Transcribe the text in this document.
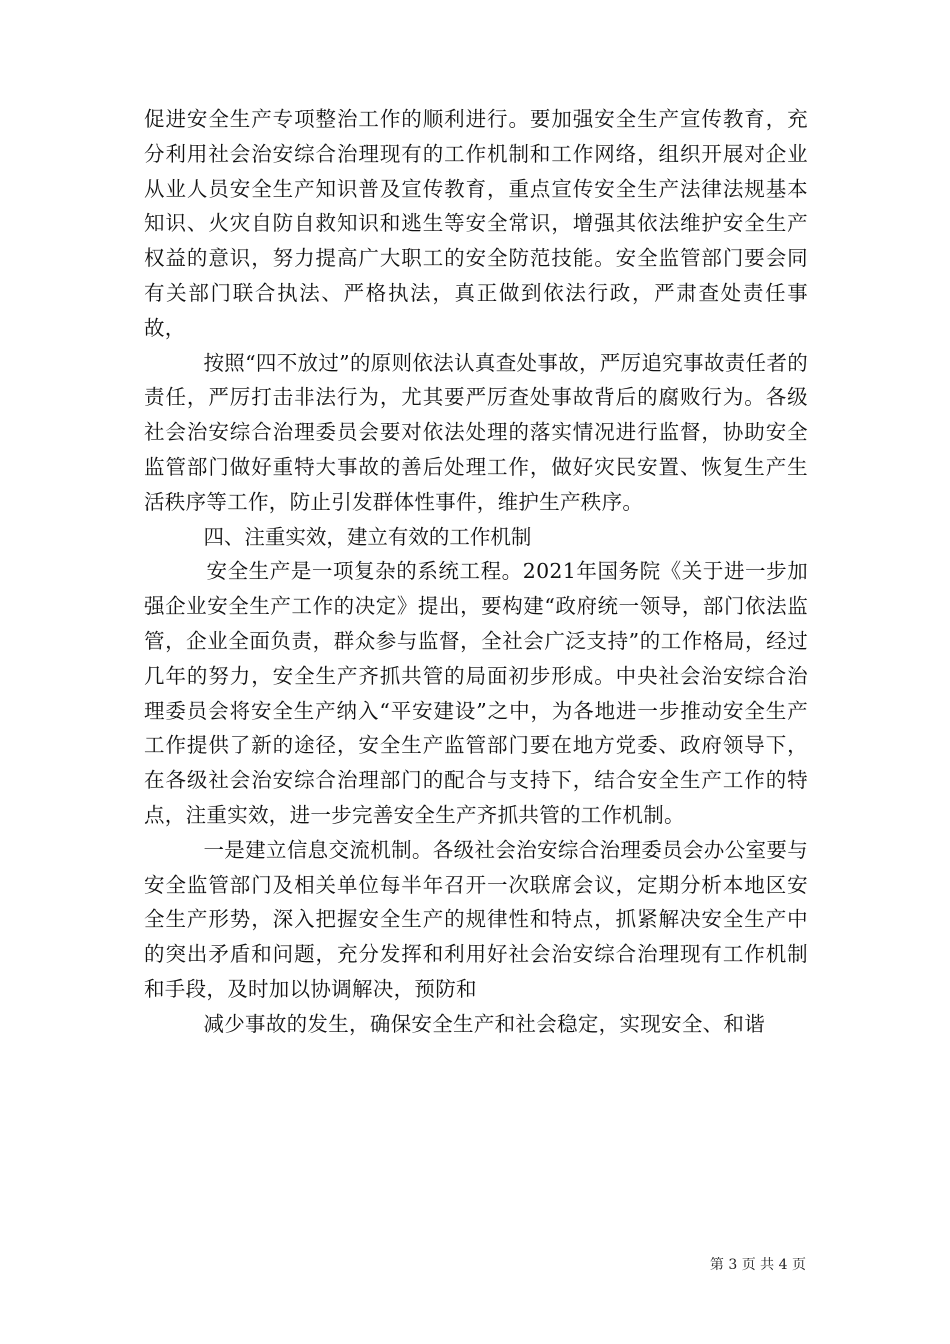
促进安全生产专项整治工作的顺利进行。要加强安全生产宣传教育，充分利用社会治安综合治理现有的工作机制和工作网络，组织开展对企业从业人员安全生产知识普及宣传教育，重点宣传安全生产法律法规基本知识、火灾自防自救知识和逃生等安全常识，增强其依法维护安全生产权益的意识，努力提高广大职工的安全防范技能。安全监管部门要会同有关部门联合执法、严格执法，真正做到依法行政，严肃查处责任事故，

按照“四不放过”的原则依法认真查处事故，严厉追究事故责任者的责任，严厉打击非法行为，尤其要严厉查处事故背后的腐败行为。各级社会治安综合治理委员会要对依法处理的落实情况进行监督，协助安全监管部门做好重特大事故的善后处理工作，做好灾民安置、恢复生产生活秩序等工作，防止引发群体性事件，维护生产秩序。

四、注重实效，建立有效的工作机制

安全生产是一项复杂的系统工程。2021年国务院《关于进一步加强企业安全生产工作的决定》提出，要构建“政府统一领导，部门依法监管，企业全面负责，群众参与监督，全社会广泛支持”的工作格局，经过几年的努力，安全生产齐抓共管的局面初步形成。中央社会治安综合治理委员会将安全生产纳入“平安建设”之中，为各地进一步推动安全生产工作提供了新的途径，安全生产监管部门要在地方党委、政府领导下，在各级社会治安综合治理部门的配合与支持下，结合安全生产工作的特点，注重实效，进一步完善安全生产齐抓共管的工作机制。

一是建立信息交流机制。各级社会治安综合治理委员会办公室要与安全监管部门及相关单位每半年召开一次联席会议，定期分析本地区安全生产形势，深入把握安全生产的规律性和特点，抓紧解决安全生产中的突出矛盾和问题，充分发挥和利用好社会治安综合治理现有工作机制和手段，及时加以协调解决，预防和

减少事故的发生，确保安全生产和社会稳定，实现安全、和谐

第 3 页 共 4 页
